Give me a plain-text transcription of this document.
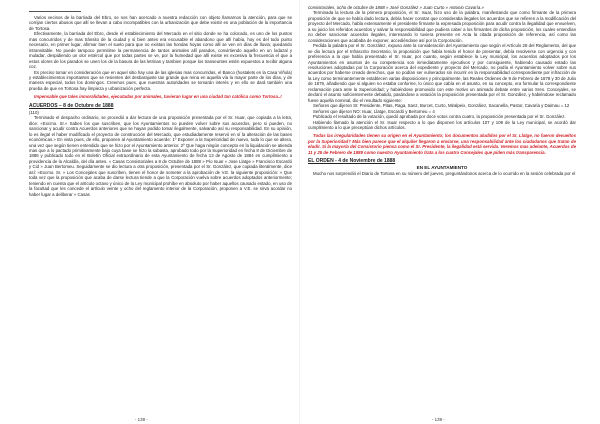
Varios vecinos de la barriada del Ebro, se nos han acercado a nuestra redacción con objeto llamarnos la atención, para que se corrijan ciertos abusos que allí se llevan a cabo incompatibles con la urbanización que debe existir en una población de la importancia de Tortosa.

Efectivamente, la barriada del Ebro, desde el establecimiento del Mercado en el sitio donde se ha colocado, es uno de los puntos mas concurridos y de mas tránsito de la ciudad y si bien antes era excusable el abandono que allí había, hoy es del todo punto necesario, en primer lugar, afirmar bien el suelo para que no existan las hondas hoyas como allí se ven en días de lluvia; quedando intransitable. No puede tampoco permitirse la permanencia de tantos animales allí parados, convirtiendo aquello en un lodazal y muladar, despidiendo un olor estércol que por todas partes se ve, por la humedad que allí existe es excesiva la frecuencia el que a estos olores de los parados se unen los de la basura de las letrinas y tambien porque los transeuntes estén expuestos a recibir alguna coz.

Es preciso tomar en consideración que en aquel sitio hay una de las iglesias mas concurridas, el Banco (hostalets en la Casa Viñola) y establecimientos importantes que se resienten del desbarajuste tan grande que reina en aquella vía la mayor parte de los días, y de manera especial, todos los domingos. Creemos pues, que nuestras autoridades se tomarán interés y en ello se dará también una prueba de que en Tortosa hay limpieza y urbanización perfecta.

Impensable que tales inmoralidades, ejecutadas por animales, tuvieran lugar en una ciudad tan católica como Tortosa..!

ACUERDOS – 8 de Octubre de 1888

(110)

Terminado el despacho ordinario, se procedió a dar lectura de una proposición presentada por el Sr. Isuar, que copiada a la letra, dice: «Excmo. Sr.» Saben los que suscriben, que los Ayuntamientos no pueden volver sobre sus acuerdos, pero si pueden, no sancionar y acudir contra Acuerdos anteriores que se hayan podido tomar ilegalmente, salvando así su responsabilidad. En su opinión, lo es ilegal el haber modificado el proyecto de construcción del Mercado, que estudiadamente reservó en sí la alteración de las bases económicas.» En vista pues, de ello, proponen al Ayuntamiento acuerde: 1º Exponer a la Superioridad de nuevo, toda lo que se altera, una vez que según tienen entendido que se hizo por el Ayuntamiento anterior. 2º Que haga ningún concepto en la liquidación se atienda mas que a lo pactado primitivamente bajo cuya base se hizo la subasta, aprobado todo por la Superioridad en fecha 8 de Diciembre de 1886 y publicado todo en el Boletín Oficial extraordinario de esta Ayuntamiento de fecha 13 de Agosto de 1884 en cumplimiento a providencia de la Alcaldía, del día antes. « Casas Consistoriales a 8 de Octubre de 1888 » Pío Isuar « Jose Llatge » Francisco Escardó y Cid » Juan Bertomeu. Seguidamente se dio lectura a otra proposición, presentada por el Sr. González, que copiada literalmente, dice así: «Excmo. Sr. » Los Concejales que suscriben, tienen el honor de someter a la aprobación de V.E. la siguiente proposición: » Que toda vez que la proposición que acaba de darse lectura tiende a que la Corporación vuelva sobre acuerdos adoptados anteriormente; teniendo en cuenta que el artículo octavo y único de la Ley municipal prohíbe en absoluto por haber aquellos causado estado, en uso de la facultad que les concede el artículo veinte y ocho del reglamento interior de la Corporación, proponen a V.E. se sirva acordar no haber lugar a deliberar » Casas

consistoriales, ocho de octubre de 1888 » José González » Juan Curto » Antonio Cavaría.»

Terminada la lectura de la primera proposición, el Sr. Isuar, hizo uso de la palabra, manifestando que como firmante de la primera proposición de que se había dado lectura, debía hacer constar que consideraba ilegales los acuerdos que se refieren a la modificación del proyecto del Mercado, habla extensamente el presidente firmante la expresada proposición para acudir contra la ilegalidad que envuelven, a su juicio los referidos acuerdos y salvar la responsabilidad que pudiera caber a los firmantes de dicha proposición, los cuales entendían no deber sancionar acuerdos ilegales, interesando lo tuviera presente en Acta la citada proposición de referencia, así como las consideraciones que acababa de exponer, accediéndose así por la Corporación.

Pedida la palabra por el Sr. González, expuso ante la consideración del Ayuntamiento que según el Artículo 28 del Reglamento, del que se dio lectura por el Infrascrito Secretario, la proposición que había tenido el honor de presentar, debía resolverse con urgencia y con preferencia a la que había presentado el Sr. Isuar, por cuanto, según establece la Ley municipal, los acuerdos adoptados por los Ayuntamientos en asuntos de su competencia son inmediatamente ejecutivos y por consiguiente, habiendo causado estado las resoluciones adoptadas por la Corporación acerca del expediente y proyecto del Mercado, no podía el Ayuntamiento volver sobre sus acuerdos por haberse creado derechos, que no podían ser vulnerados sin incurrir en la responsabilidad correspondiente por infracción de la Ley como terminantemente establecen varias disposiciones y principalmente, las Reales Órdenes de 9 de Febrero de 1878 y 30 de Julio de 1879, añadiendo que si alguien no estaba conforme, lo único que cabía en el asunto, en su concepto, era formular la correspondiente reclamación para ante la Superioridad; y habiéndose promovido con este motivo un animado debate entre varios Sres. Concejales, se declaró el asunto suficientemente debatido, pasándose a votación la proposición presentada por el Sr. González, y habiéndose reclamado fuese aquella nominal, dio el resultado siguiente:

Señores que dijeron SI: Presidente, Pitas, Raga, Sanz, Burcet, Curto, Miralpeix, González, Sacanella, Pastor, Cavaría y Daimau = 12

Señores que dijeron NO: Isuar, Llatge, Escardó y Bertomeu = 4

Publicado el resultado de la votación, quedó aprobada por doce votos contra cuatro, la proposición presentada por el Sr. González.

Habiendo llamado la atención el Sr. Isuar respecto a lo que disponen los artículos 107 y 109 de la Ley municipal, se acordó dar cumplimiento a lo que preceptúan dichos artículos.

Todas las irregularidades tienen su origen en el Ayuntamiento; los documentos aludidos por el Sr. Llatge, no fueron devueltos por la Superioridad? Más bien parece que el alquiler llegaron a enviarse, una responsabilidad ante los ciudadanos que tratan de eludir. Si la mayoría del Consistorio piensa como el Sr. Presidente, la ilegalidad está servida. Veremos mas adelante, Acuerdos de 11 y 25 de Febrero de 1889 como nuestro Ayuntamiento trata a los cuatro Concejales que piden más transparencia.

EL ORDEN - 4 de Noviembre de 1888

EN EL AYUNTAMIENTO

Mucho nos sorprendió el Diario de Tortosa en su número del jueves, preguntándonos acerca de lo ocurrido en la sesión celebrada por el

- 138 -	- 139 -
